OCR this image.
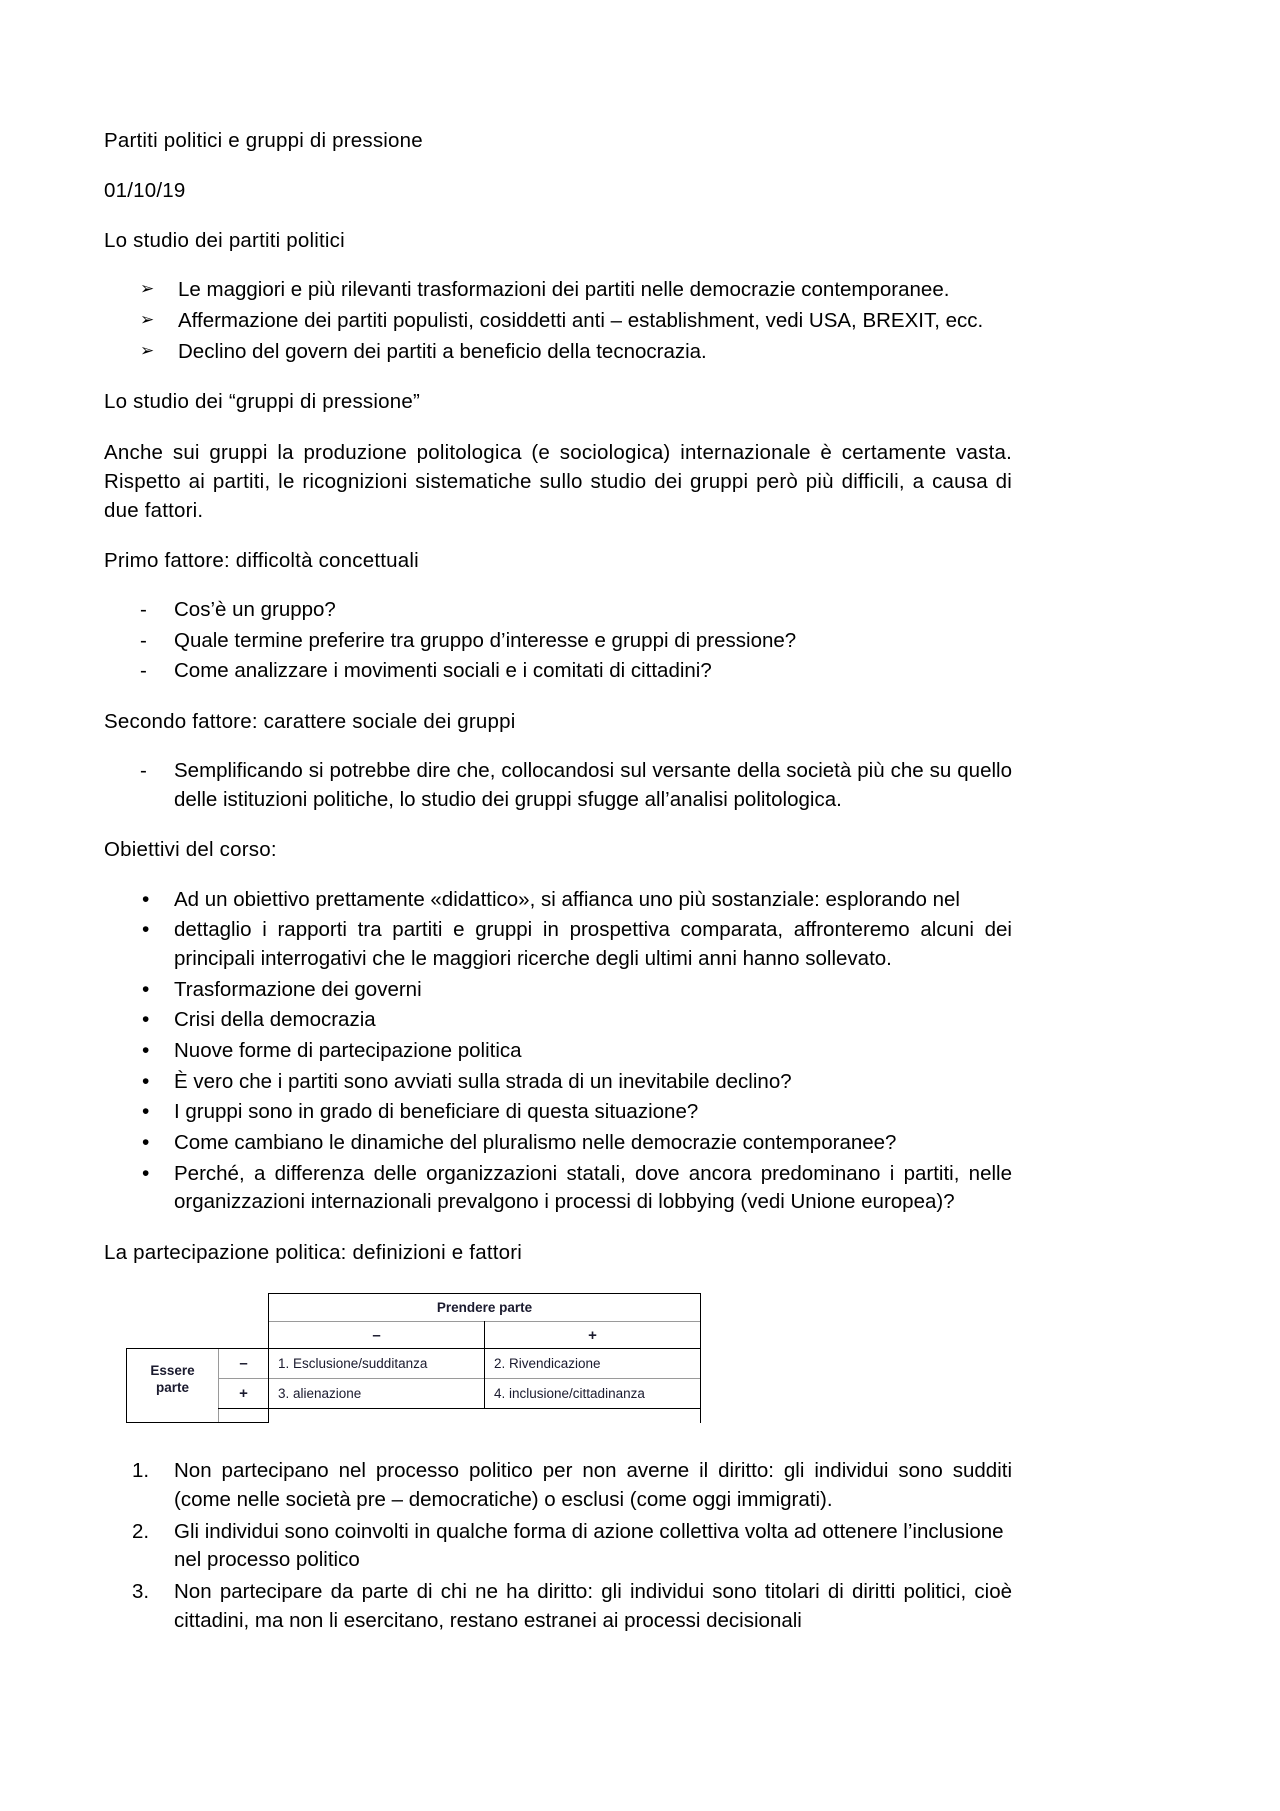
Partiti politici e gruppi di pressione

01/10/19

Lo studio dei partiti politici

➢ Le maggiori e più rilevanti trasformazioni dei partiti nelle democrazie contemporanee.
➢ Affermazione dei partiti populisti, cosiddetti anti – establishment, vedi USA, BREXIT, ecc.
➢ Declino del govern dei partiti a beneficio della tecnocrazia.

Lo studio dei “gruppi di pressione”

Anche sui gruppi la produzione politologica (e sociologica) internazionale è certamente vasta. Rispetto ai partiti, le ricognizioni sistematiche sullo studio dei gruppi però più difficili, a causa di due fattori.

Primo fattore: difficoltà concettuali

- Cos’è un gruppo?
- Quale termine preferire tra gruppo d’interesse e gruppi di pressione?
- Come analizzare i movimenti sociali e i comitati di cittadini?

Secondo fattore: carattere sociale dei gruppi

- Semplificando si potrebbe dire che, collocandosi sul versante della società più che su quello delle istituzioni politiche, lo studio dei gruppi sfugge all’analisi politologica.

Obiettivi del corso:

• Ad un obiettivo prettamente «didattico», si affianca uno più sostanziale: esplorando nel
• dettaglio i rapporti tra partiti e gruppi in prospettiva comparata, affronteremo alcuni dei principali interrogativi che le maggiori ricerche degli ultimi anni hanno sollevato.
• Trasformazione dei governi
• Crisi della democrazia
• Nuove forme di partecipazione politica
• È vero che i partiti sono avviati sulla strada di un inevitabile declino?
• I gruppi sono in grado di beneficiare di questa situazione?
• Come cambiano le dinamiche del pluralismo nelle democrazie contemporanee?
• Perché, a differenza delle organizzazioni statali, dove ancora predominano i partiti, nelle organizzazioni internazionali prevalgono i processi di lobbying (vedi Unione europea)?

La partecipazione politica: definizioni e fattori

		Prendere parte	
		–	+
Essere
parte	–	1. Esclusione/sudditanza	2. Rivendicazione
	+	3. alienazione	4. inclusione/cittadinanza

1. Non partecipano nel processo politico per non averne il diritto: gli individui sono sudditi (come nelle società pre – democratiche) o esclusi (come oggi immigrati).
2. Gli individui sono coinvolti in qualche forma di azione collettiva volta ad ottenere l’inclusione nel processo politico
3. Non partecipare da parte di chi ne ha diritto: gli individui sono titolari di diritti politici, cioè cittadini, ma non li esercitano, restano estranei ai processi decisionali
